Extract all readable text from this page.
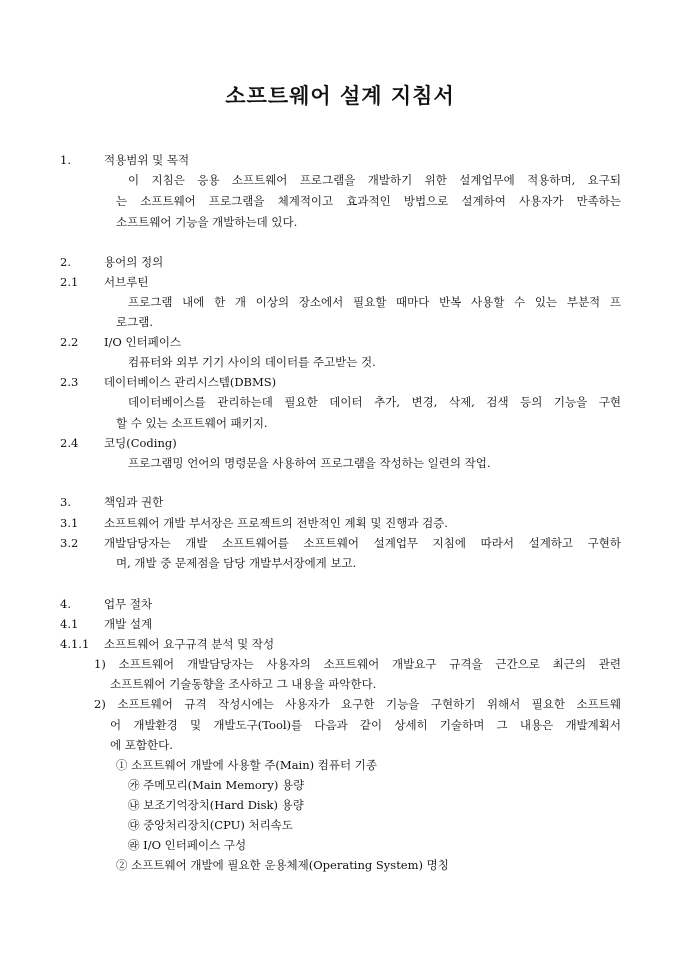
소프트웨어 설계 지침서
1.	적용범위 및 목적
이 지침은 응용 소프트웨어 프로그램을 개발하기 위한 설계업무에 적용하며, 요구되
는 소프트웨어 프로그램을 체계적이고 효과적인 방법으로 설계하여 사용자가 만족하는
소프트웨어 기능을 개발하는데 있다.
2.	용어의 정의
2.1 서브루틴
프로그램 내에 한 개 이상의 장소에서 필요할 때마다 반복 사용할 수 있는 부분적 프
로그램.
2.2 I/O 인터페이스
컴퓨터와 외부 기기 사이의 데이터를 주고받는 것.
2.3 데이터베이스 관리시스템(DBMS)
데이터베이스를 관리하는데 필요한 데이터 추가, 변경, 삭제, 검색 등의 기능을 구현
할 수 있는 소프트웨어 패키지.
2.4 코딩(Coding)
프로그램밍 언어의 명령문을 사용하여 프로그램을 작성하는 일련의 작업.
3.	책임과 권한
3.1 소프트웨어 개발 부서장은 프로젝트의 전반적인 계획 및 진행과 검증.
3.2 개발담당자는 개발 소프트웨어를 소프트웨어 설계업무 지침에 따라서 설계하고 구현하
며, 개발 중 문제점을 담당 개발부서장에게 보고.
4.	업무 절차
4.1 개발 설계
4.1.1 소프트웨어 요구규격 분석 및 작성
1) 소프트웨어 개발담당자는 사용자의 소프트웨어 개발요구 규격을 근간으로 최근의 관련
소프트웨어 기술동향을 조사하고 그 내용을 파악한다.
2) 소프트웨어 규격 작성시에는 사용자가 요구한 기능을 구현하기 위해서 필요한 소프트웨
어 개발환경 및 개발도구(Tool)를 다음과 같이 상세히 기술하며 그 내용은 개발계획서
에 포함한다.
① 소프트웨어 개발에 사용할 주(Main) 컴퓨터 기종
㉮ 주메모리(Main Memory) 용량
㉯ 보조기억장치(Hard Disk) 용량
㉰ 중앙처리장치(CPU) 처리속도
㉱ I/O 인터페이스 구성
② 소프트웨어 개발에 필요한 운용체제(Operating System) 명칭
